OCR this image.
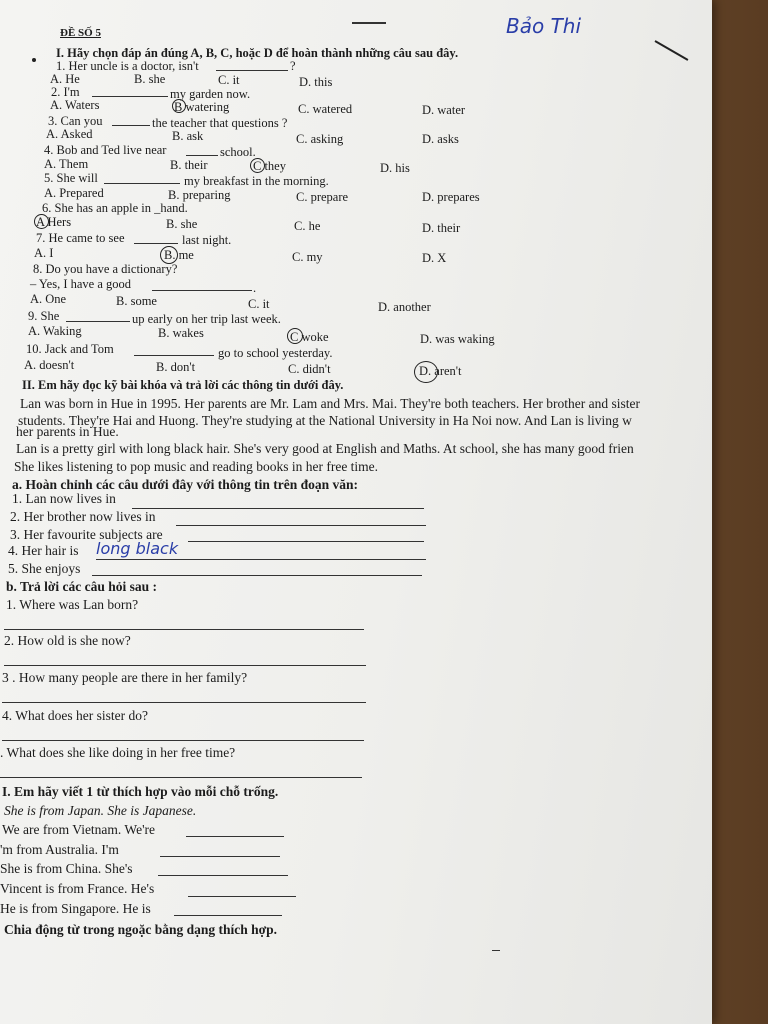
ĐỀ SỐ 5	Bảo Thi
I. Hãy chọn đáp án đúng A, B, C, hoặc D để hoàn thành những câu sau đây.
1. Her uncle is a doctor, isn't	?
A. He	B. she	C. it	D. this
2. I'm	my garden now.
A. Waters	B watering	C. watered	D. water
3. Can you	the teacher that questions ?
A. Asked	B. ask	C. asking	D. asks
4. Bob and Ted live near	school.
A. Them	B. their	C they	D. his
5. She will	my breakfast in the morning.
A. Prepared	B. preparing	C. prepare	D. prepares
6. She has an apple in _hand.
A Hers	B. she	C. he	D. their
7. He came to see	last night.
A. I	B. me	C. my	D. X
8. Do you have a dictionary?
– Yes, I have a good	.
A. One	B. some	C. it	D. another
9. She	up early on her trip last week.
A. Waking	B. wakes	C woke	D. was waking
10. Jack and Tom	go to school yesterday.
A. doesn't	B. don't	C. didn't	D. aren't
II. Em hãy đọc kỹ bài khóa và trả lời các thông tin dưới đây.
Lan was born in Hue in 1995. Her parents are Mr. Lam and Mrs. Mai. They're both teachers. Her brother and sister
students. They're Hai and Huong. They're studying at the National University in Ha Noi now. And Lan is living w
her parents in Hue.
Lan is a pretty girl with long black hair. She's very good at English and Maths. At school, she has many good frien
She likes listening to pop music and reading books in her free time.
a. Hoàn chỉnh các câu dưới đây với thông tin trên đoạn văn:
1. Lan now lives in
2. Her brother now lives in
3. Her favourite subjects are
4. Her hair is long black
5. She enjoys
b. Trả lời các câu hỏi sau :
1. Where was Lan born?
2. How old is she now?
3 . How many people are there in her family?
4. What does her sister do?
. What does she like doing in her free time?
I. Em hãy viết 1 từ thích hợp vào mỗi chỗ trống.
She is from Japan. She is Japanese.
We are from Vietnam. We're
'm from Australia. I'm
She is from China. She's
Vincent is from France. He's
He is from Singapore. He is
Chia động từ trong ngoặc bằng dạng thích hợp.
